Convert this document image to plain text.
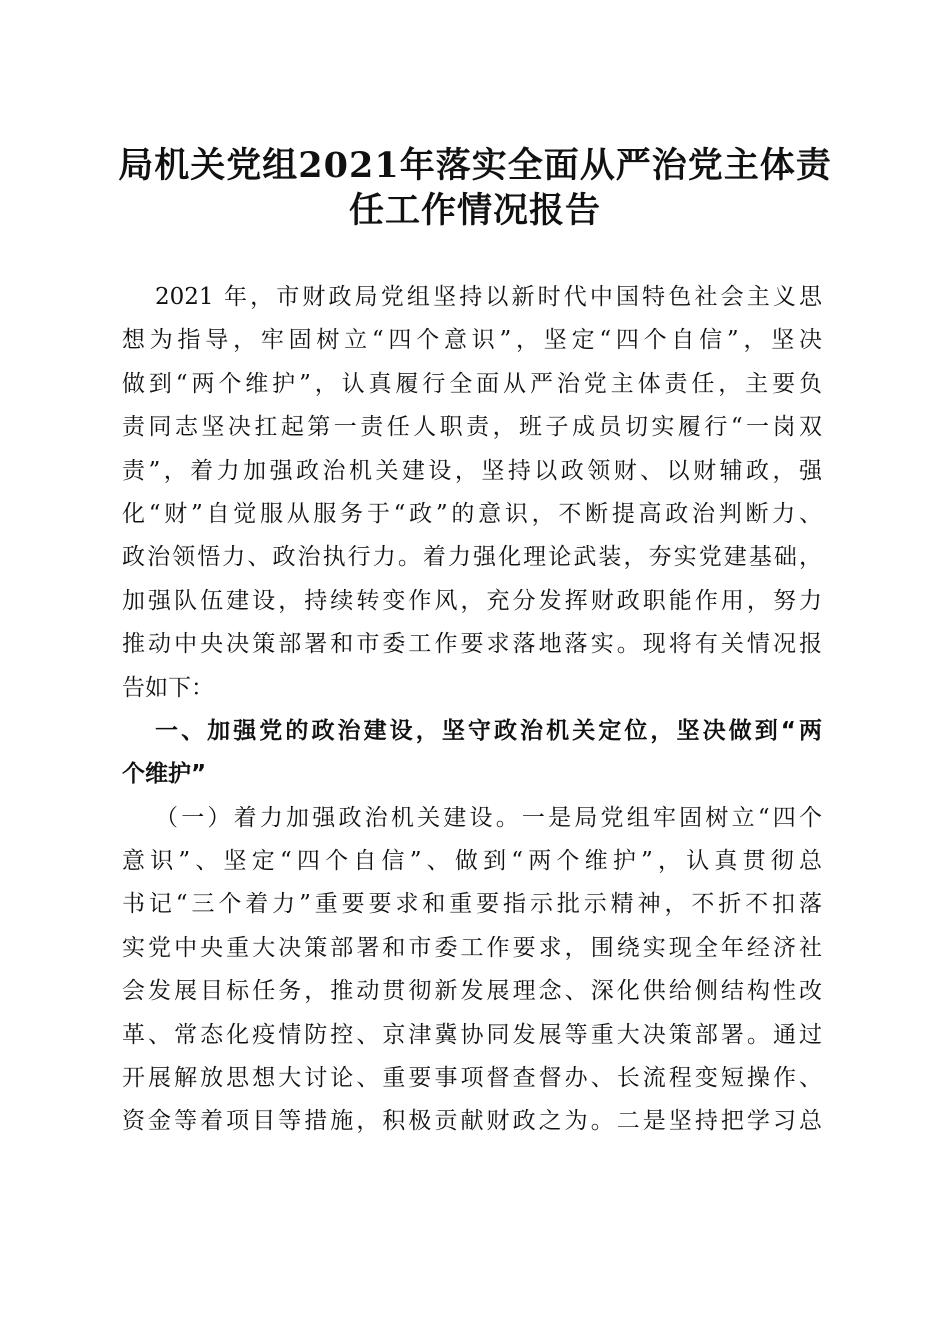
局机关党组2021年落实全面从严治党主体责
任工作情况报告
2021 年，市财政局党组坚持以新时代中国特色社会主义思
想为指导，牢固树立“四个意识”，坚定“四个自信”，坚决
做到“两个维护”，认真履行全面从严治党主体责任，主要负
责同志坚决扛起第一责任人职责，班子成员切实履行“一岗双
责”，着力加强政治机关建设，坚持以政领财、以财辅政，强
化“财”自觉服从服务于“政”的意识，不断提高政治判断力、
政治领悟力、政治执行力。着力强化理论武装，夯实党建基础，
加强队伍建设，持续转变作风，充分发挥财政职能作用，努力
推动中央决策部署和市委工作要求落地落实。现将有关情况报
告如下：
一、加强党的政治建设，坚守政治机关定位，坚决做到“两
个维护”
（一）着力加强政治机关建设。一是局党组牢固树立“四个
意识”、坚定“四个自信”、做到“两个维护”，认真贯彻总
书记“三个着力”重要要求和重要指示批示精神，不折不扣落
实党中央重大决策部署和市委工作要求，围绕实现全年经济社
会发展目标任务，推动贯彻新发展理念、深化供给侧结构性改
革、常态化疫情防控、京津冀协同发展等重大决策部署。通过
开展解放思想大讨论、重要事项督查督办、长流程变短操作、
资金等着项目等措施，积极贡献财政之为。二是坚持把学习总
